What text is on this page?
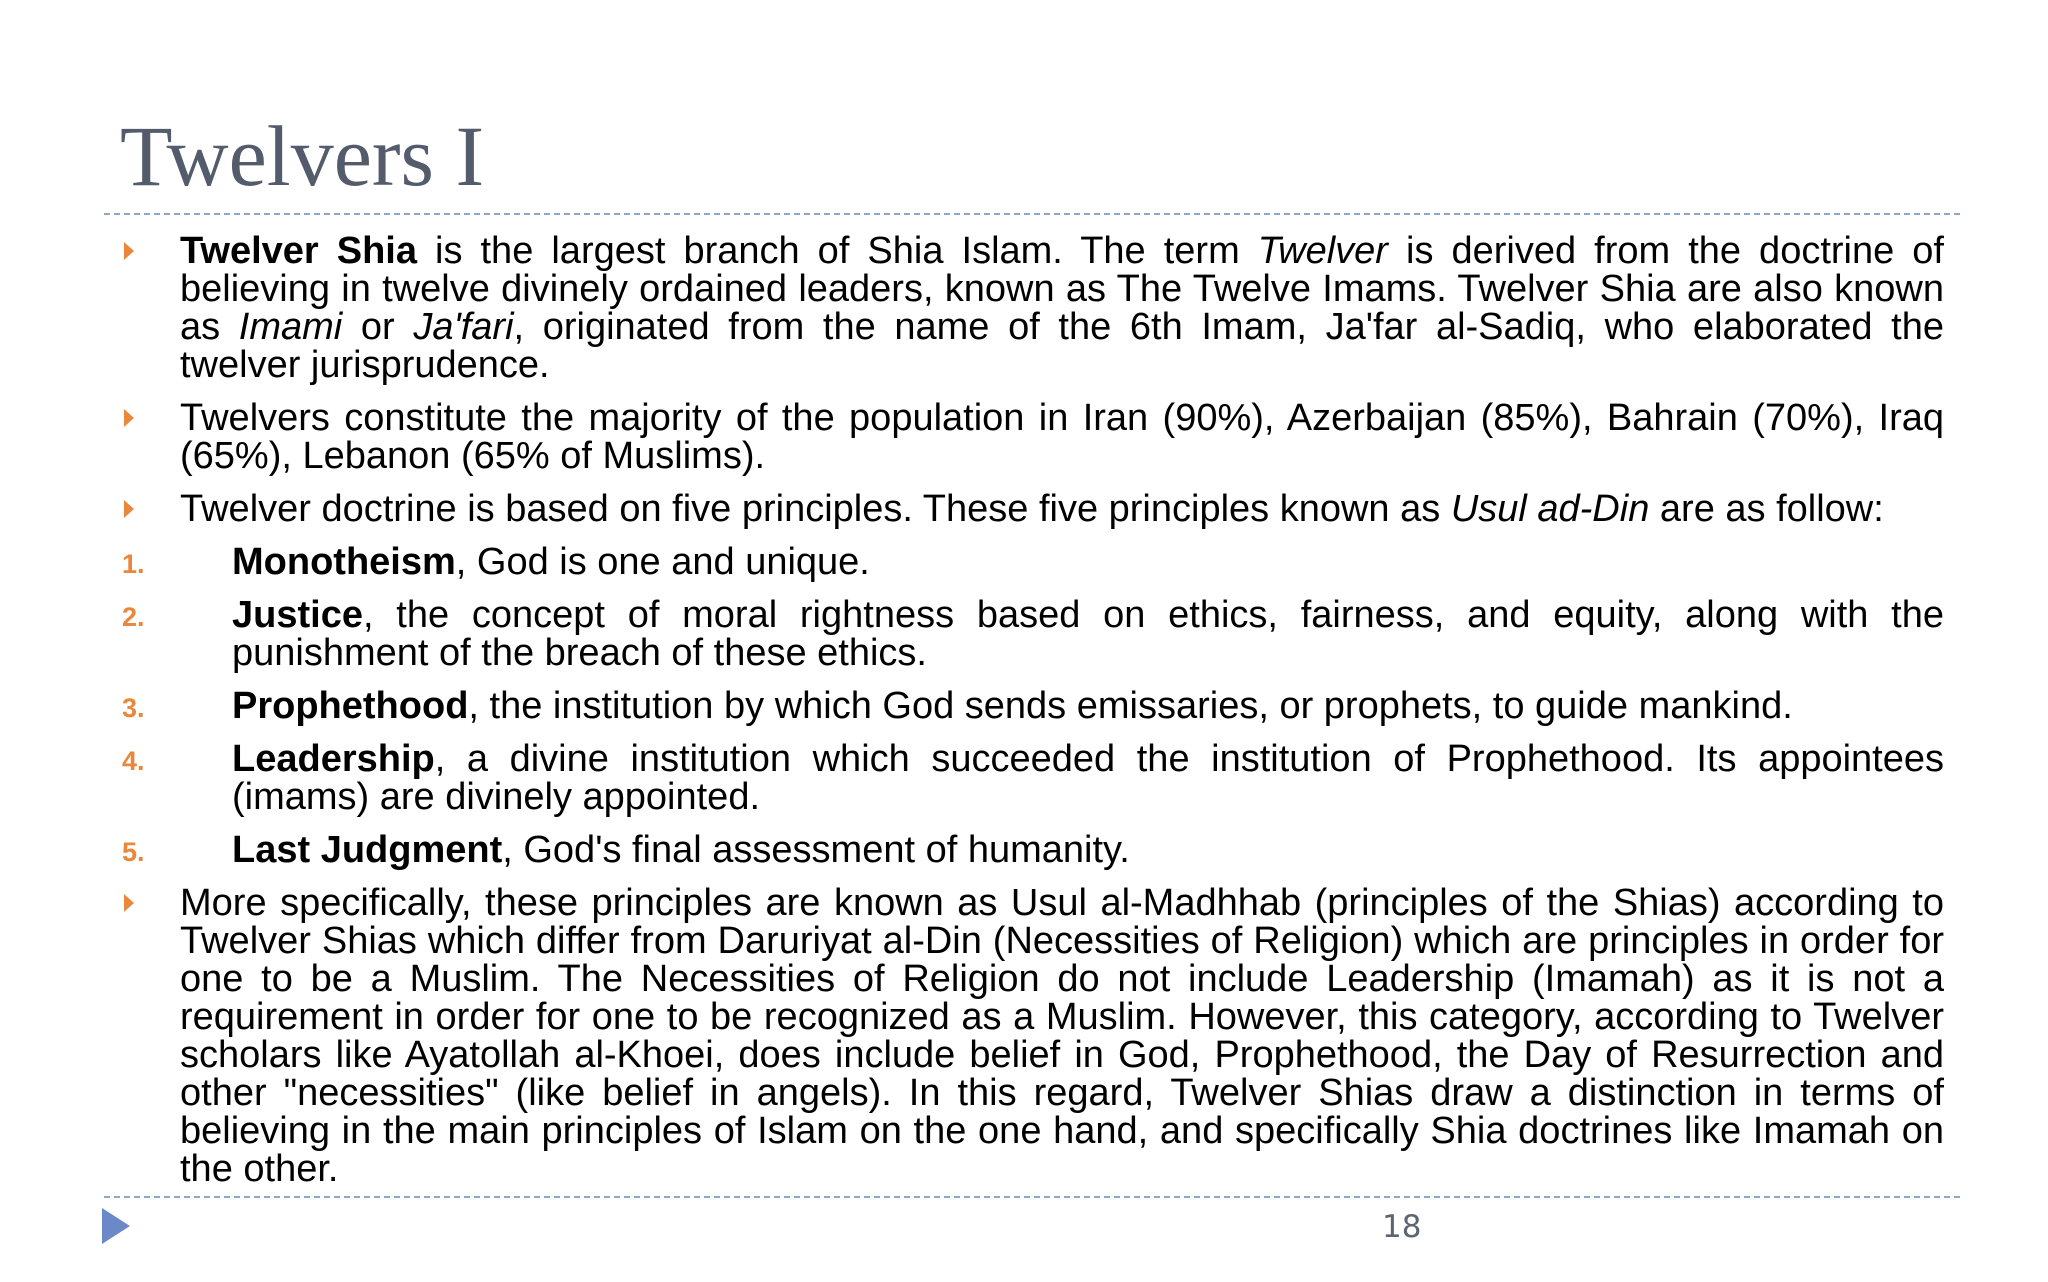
Twelvers I
Twelver Shia is the largest branch of Shia Islam. The term Twelver is derived from the doctrine of believing in twelve divinely ordained leaders, known as The Twelve Imams. Twelver Shia are also known as Imami or Ja'fari, originated from the name of the 6th Imam, Ja'far al-Sadiq, who elaborated the twelver jurisprudence.
Twelvers constitute the majority of the population in Iran (90%), Azerbaijan (85%), Bahrain (70%), Iraq (65%), Lebanon (65% of Muslims).
Twelver doctrine is based on five principles. These five principles known as Usul ad-Din are as follow:
1. Monotheism, God is one and unique.
2. Justice, the concept of moral rightness based on ethics, fairness, and equity, along with the punishment of the breach of these ethics.
3. Prophethood, the institution by which God sends emissaries, or prophets, to guide mankind.
4. Leadership, a divine institution which succeeded the institution of Prophethood. Its appointees (imams) are divinely appointed.
5. Last Judgment, God's final assessment of humanity.
More specifically, these principles are known as Usul al-Madhhab (principles of the Shias) according to Twelver Shias which differ from Daruriyat al-Din (Necessities of Religion) which are principles in order for one to be a Muslim. The Necessities of Religion do not include Leadership (Imamah) as it is not a requirement in order for one to be recognized as a Muslim. However, this category, according to Twelver scholars like Ayatollah al-Khoei, does include belief in God, Prophethood, the Day of Resurrection and other "necessities" (like belief in angels). In this regard, Twelver Shias draw a distinction in terms of believing in the main principles of Islam on the one hand, and specifically Shia doctrines like Imamah on the other.
18
